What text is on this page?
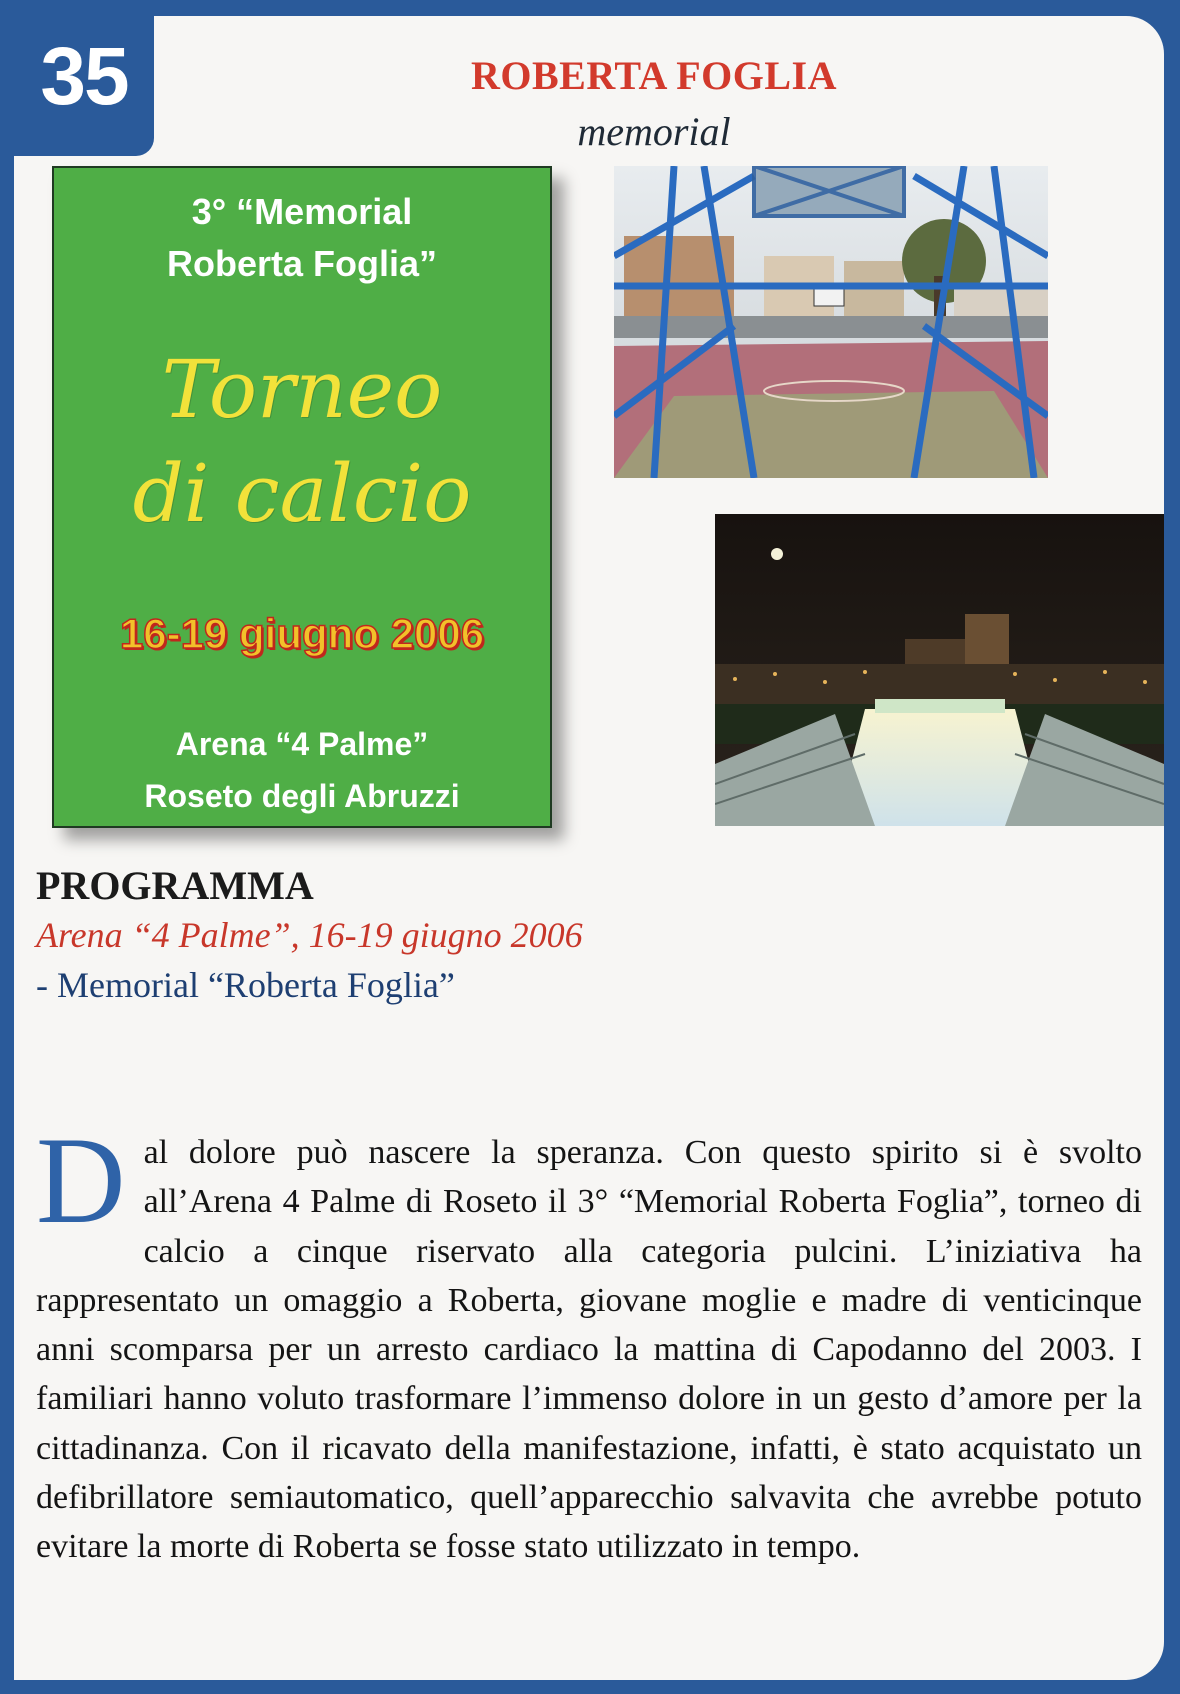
35	ROBERTA FOGLIA
memorial
3° “Memorial
Roberta Foglia”
Torneo
di calcio
16-19 giugno 2006
Arena “4 Palme”
Roseto degli Abruzzi
PROGRAMMA
Arena “4 Palme”, 16-19 giugno 2006
- Memorial “Roberta Foglia”

Dal dolore può nascere la speranza. Con questo spirito si è svolto all’Arena 4 Palme di Roseto il 3° “Memorial Roberta Foglia”, torneo di calcio a cinque riservato alla categoria pulcini. L’iniziativa ha rappresentato un omaggio a Roberta, giovane moglie e madre di venticinque anni scomparsa per un arresto cardiaco la mattina di Capodanno del 2003. I familiari hanno voluto trasformare l’immenso dolore in un gesto d’amore per la cittadinanza. Con il ricavato della manifestazione, infatti, è stato acquistato un defibrillatore semiautomatico, quell’apparecchio salvavita che avrebbe potuto evitare la morte di Roberta se fosse stato utilizzato in tempo.
